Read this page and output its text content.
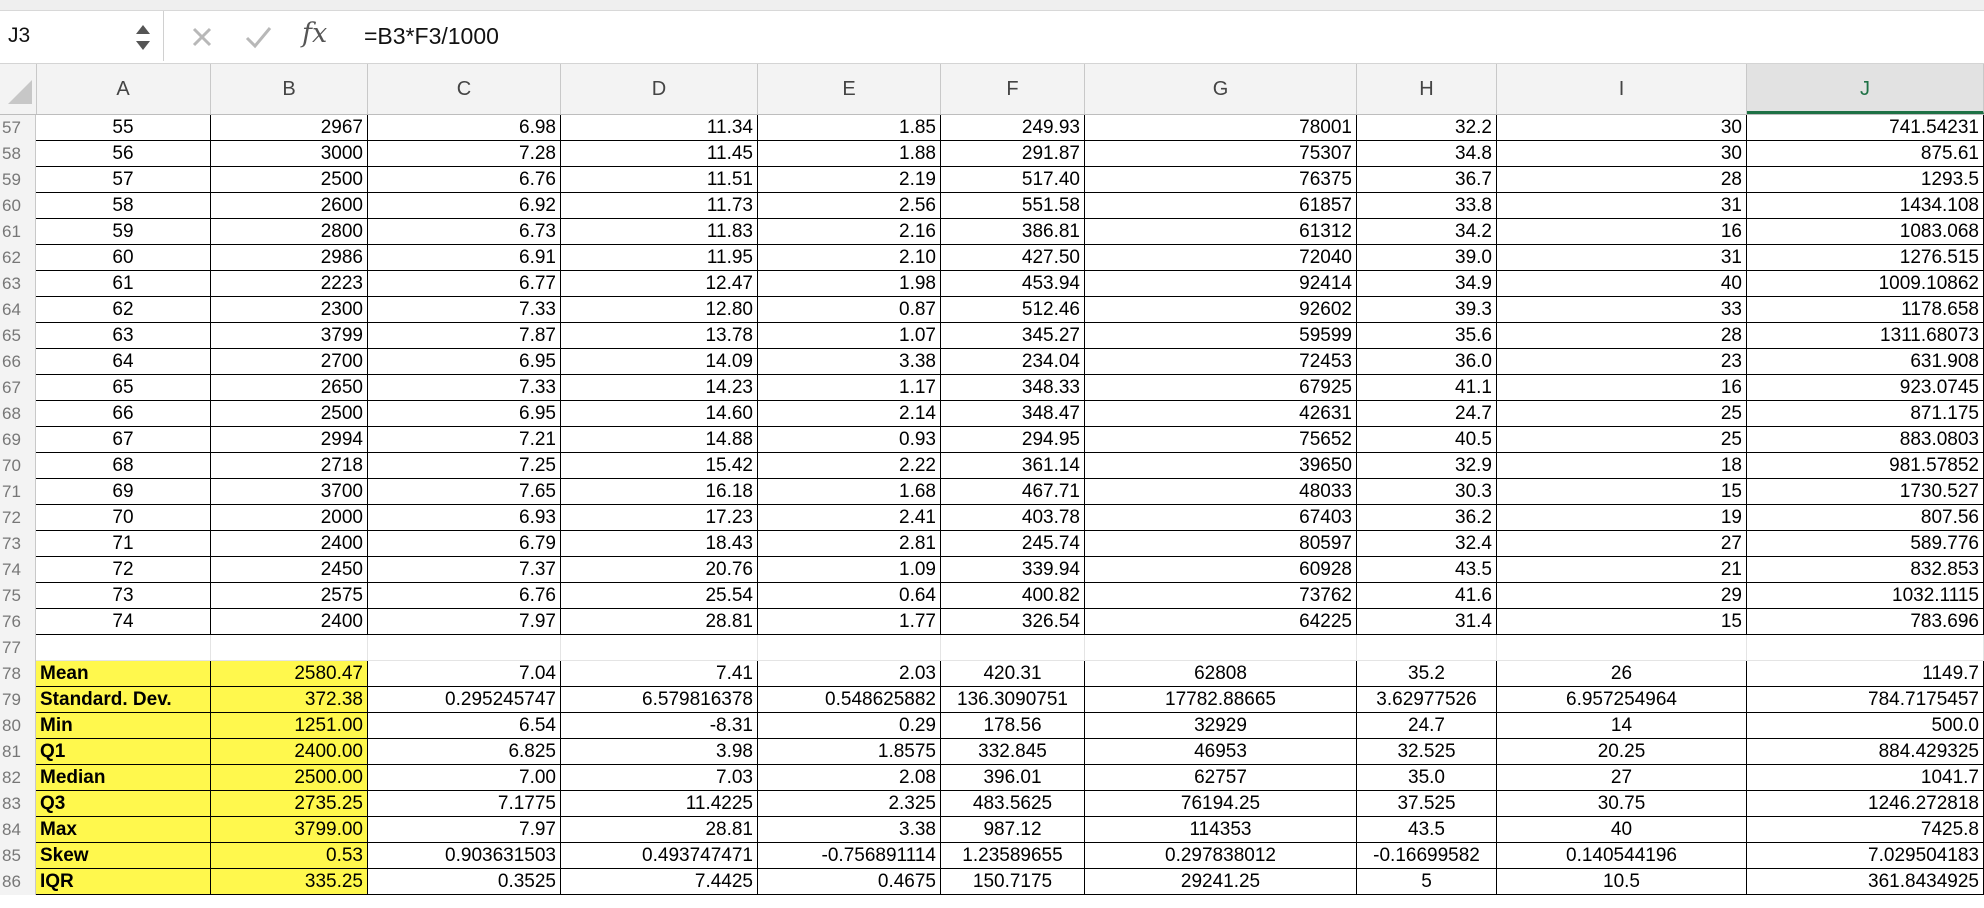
J3	fx =B3*F3/1000
A	B	C	D	E	F	G	H	I	J
57	55	2967	6.98	11.34	1.85	249.93	78001	32.2	30	741.54231
58	56	3000	7.28	11.45	1.88	291.87	75307	34.8	30	875.61
59	57	2500	6.76	11.51	2.19	517.40	76375	36.7	28	1293.5
60	58	2600	6.92	11.73	2.56	551.58	61857	33.8	31	1434.108
61	59	2800	6.73	11.83	2.16	386.81	61312	34.2	16	1083.068
62	60	2986	6.91	11.95	2.10	427.50	72040	39.0	31	1276.515
63	61	2223	6.77	12.47	1.98	453.94	92414	34.9	40	1009.10862
64	62	2300	7.33	12.80	0.87	512.46	92602	39.3	33	1178.658
65	63	3799	7.87	13.78	1.07	345.27	59599	35.6	28	1311.68073
66	64	2700	6.95	14.09	3.38	234.04	72453	36.0	23	631.908
67	65	2650	7.33	14.23	1.17	348.33	67925	41.1	16	923.0745
68	66	2500	6.95	14.60	2.14	348.47	42631	24.7	25	871.175
69	67	2994	7.21	14.88	0.93	294.95	75652	40.5	25	883.0803
70	68	2718	7.25	15.42	2.22	361.14	39650	32.9	18	981.57852
71	69	3700	7.65	16.18	1.68	467.71	48033	30.3	15	1730.527
72	70	2000	6.93	17.23	2.41	403.78	67403	36.2	19	807.56
73	71	2400	6.79	18.43	2.81	245.74	80597	32.4	27	589.776
74	72	2450	7.37	20.76	1.09	339.94	60928	43.5	21	832.853
75	73	2575	6.76	25.54	0.64	400.82	73762	41.6	29	1032.1115
76	74	2400	7.97	28.81	1.77	326.54	64225	31.4	15	783.696
77
78	Mean	2580.47	7.04	7.41	2.03	420.31	62808	35.2	26	1149.7
79	Standard. Dev.	372.38	0.295245747	6.579816378	0.548625882	136.3090751	17782.88665	3.62977526	6.957254964	784.7175457
80	Min	1251.00	6.54	-8.31	0.29	178.56	32929	24.7	14	500.0
81	Q1	2400.00	6.825	3.98	1.8575	332.845	46953	32.525	20.25	884.429325
82	Median	2500.00	7.00	7.03	2.08	396.01	62757	35.0	27	1041.7
83	Q3	2735.25	7.1775	11.4225	2.325	483.5625	76194.25	37.525	30.75	1246.272818
84	Max	3799.00	7.97	28.81	3.38	987.12	114353	43.5	40	7425.8
85	Skew	0.53	0.903631503	0.493747471	-0.756891114	1.23589655	0.297838012	-0.16699582	0.140544196	7.029504183
86	IQR	335.25	0.3525	7.4425	0.4675	150.7175	29241.25	5	10.5	361.8434925
